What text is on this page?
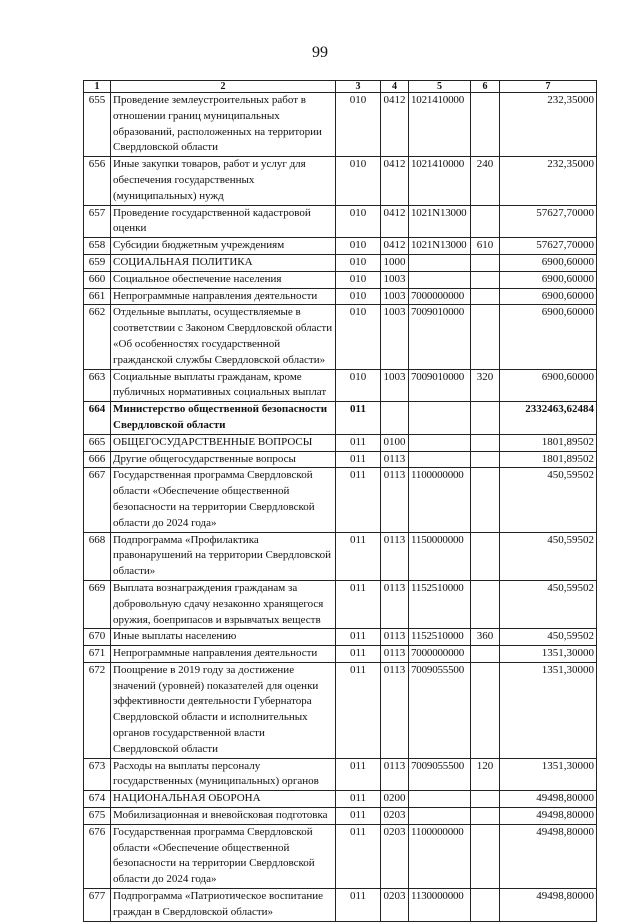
99
1	2	3	4	5	6	7
655	Проведение землеустроительных работ в отношении границ муниципальных образований, расположенных на территории Свердловской области	010	0412	1021410000		232,35000
656	Иные закупки товаров, работ и услуг для обеспечения государственных (муниципальных) нужд	010	0412	1021410000	240	232,35000
657	Проведение государственной кадастровой оценки	010	0412	1021N13000		57627,70000
658	Субсидии бюджетным учреждениям	010	0412	1021N13000	610	57627,70000
659	СОЦИАЛЬНАЯ ПОЛИТИКА	010	1000			6900,60000
660	Социальное обеспечение населения	010	1003			6900,60000
661	Непрограммные направления деятельности	010	1003	7000000000		6900,60000
662	Отдельные выплаты, осуществляемые в соответствии с Законом Свердловской области «Об особенностях государственной гражданской службы Свердловской области»	010	1003	7009010000		6900,60000
663	Социальные выплаты гражданам, кроме публичных нормативных социальных выплат	010	1003	7009010000	320	6900,60000
664	Министерство общественной безопасности Свердловской области	011				2332463,62484
665	ОБЩЕГОСУДАРСТВЕННЫЕ ВОПРОСЫ	011	0100			1801,89502
666	Другие общегосударственные вопросы	011	0113			1801,89502
667	Государственная программа Свердловской области «Обеспечение общественной безопасности на территории Свердловской области до 2024 года»	011	0113	1100000000		450,59502
668	Подпрограмма «Профилактика правонарушений на территории Свердловской области»	011	0113	1150000000		450,59502
669	Выплата вознаграждения гражданам за добровольную сдачу незаконно хранящегося оружия, боеприпасов и взрывчатых веществ	011	0113	1152510000		450,59502
670	Иные выплаты населению	011	0113	1152510000	360	450,59502
671	Непрограммные направления деятельности	011	0113	7000000000		1351,30000
672	Поощрение в 2019 году за достижение значений (уровней) показателей для оценки эффективности деятельности Губернатора Свердловской области и исполнительных органов государственной власти Свердловской области	011	0113	7009055500		1351,30000
673	Расходы на выплаты персоналу государственных (муниципальных) органов	011	0113	7009055500	120	1351,30000
674	НАЦИОНАЛЬНАЯ ОБОРОНА	011	0200			49498,80000
675	Мобилизационная и вневойсковая подготовка	011	0203			49498,80000
676	Государственная программа Свердловской области «Обеспечение общественной безопасности на территории Свердловской области до 2024 года»	011	0203	1100000000		49498,80000
677	Подпрограмма «Патриотическое воспитание граждан в Свердловской области»	011	0203	1130000000		49498,80000
